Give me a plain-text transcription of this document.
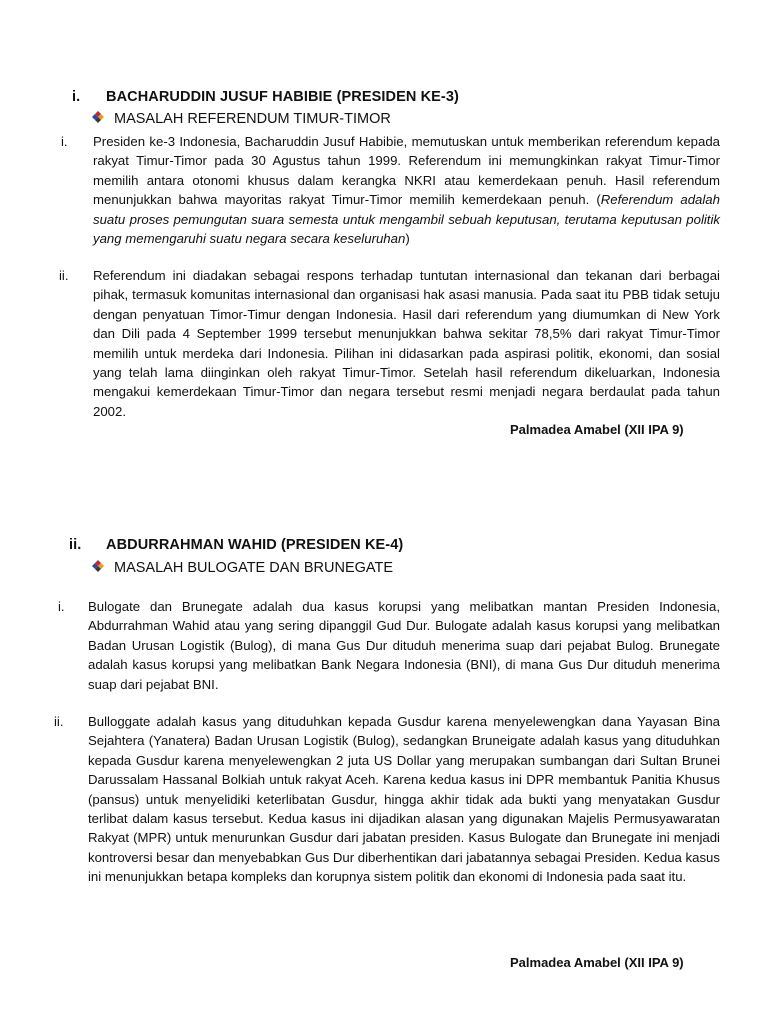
i. BACHARUDDIN JUSUF HABIBIE (PRESIDEN KE-3)
MASALAH REFERENDUM TIMUR-TIMOR
i. Presiden ke-3 Indonesia, Bacharuddin Jusuf Habibie, memutuskan untuk memberikan referendum kepada rakyat Timur-Timor pada 30 Agustus tahun 1999. Referendum ini memungkinkan rakyat Timur-Timor memilih antara otonomi khusus dalam kerangka NKRI atau kemerdekaan penuh. Hasil referendum menunjukkan bahwa mayoritas rakyat Timur-Timor memilih kemerdekaan penuh. (Referendum adalah suatu proses pemungutan suara semesta untuk mengambil sebuah keputusan, terutama keputusan politik yang memengaruhi suatu negara secara keseluruhan)
ii. Referendum ini diadakan sebagai respons terhadap tuntutan internasional dan tekanan dari berbagai pihak, termasuk komunitas internasional dan organisasi hak asasi manusia. Pada saat itu PBB tidak setuju dengan penyatuan Timor-Timur dengan Indonesia. Hasil dari referendum yang diumumkan di New York dan Dili pada 4 September 1999 tersebut menunjukkan bahwa sekitar 78,5% dari rakyat Timur-Timor memilih untuk merdeka dari Indonesia. Pilihan ini didasarkan pada aspirasi politik, ekonomi, dan sosial yang telah lama diinginkan oleh rakyat Timur-Timor. Setelah hasil referendum dikeluarkan, Indonesia mengakui kemerdekaan Timur-Timor dan negara tersebut resmi menjadi negara berdaulat pada tahun 2002.
Palmadea Amabel (XII IPA 9)
ii. ABDURRAHMAN WAHID (PRESIDEN KE-4)
MASALAH BULOGATE DAN BRUNEGATE
i. Bulogate dan Brunegate adalah dua kasus korupsi yang melibatkan mantan Presiden Indonesia, Abdurrahman Wahid atau yang sering dipanggil Gud Dur. Bulogate adalah kasus korupsi yang melibatkan Badan Urusan Logistik (Bulog), di mana Gus Dur dituduh menerima suap dari pejabat Bulog. Brunegate adalah kasus korupsi yang melibatkan Bank Negara Indonesia (BNI), di mana Gus Dur dituduh menerima suap dari pejabat BNI.
ii. Bulloggate adalah kasus yang dituduhkan kepada Gusdur karena menyelewengkan dana Yayasan Bina Sejahtera (Yanatera) Badan Urusan Logistik (Bulog), sedangkan Bruneigate adalah kasus yang dituduhkan kepada Gusdur karena menyelewengkan 2 juta US Dollar yang merupakan sumbangan dari Sultan Brunei Darussalam Hassanal Bolkiah untuk rakyat Aceh. Karena kedua kasus ini DPR membantuk Panitia Khusus (pansus) untuk menyelidiki keterlibatan Gusdur, hingga akhir tidak ada bukti yang menyatakan Gusdur terlibat dalam kasus tersebut. Kedua kasus ini dijadikan alasan yang digunakan Majelis Permusyawaratan Rakyat (MPR) untuk menurunkan Gusdur dari jabatan presiden. Kasus Bulogate dan Brunegate ini menjadi kontroversi besar dan menyebabkan Gus Dur diberhentikan dari jabatannya sebagai Presiden. Kedua kasus ini menunjukkan betapa kompleks dan korupnya sistem politik dan ekonomi di Indonesia pada saat itu.
Palmadea Amabel (XII IPA 9)
